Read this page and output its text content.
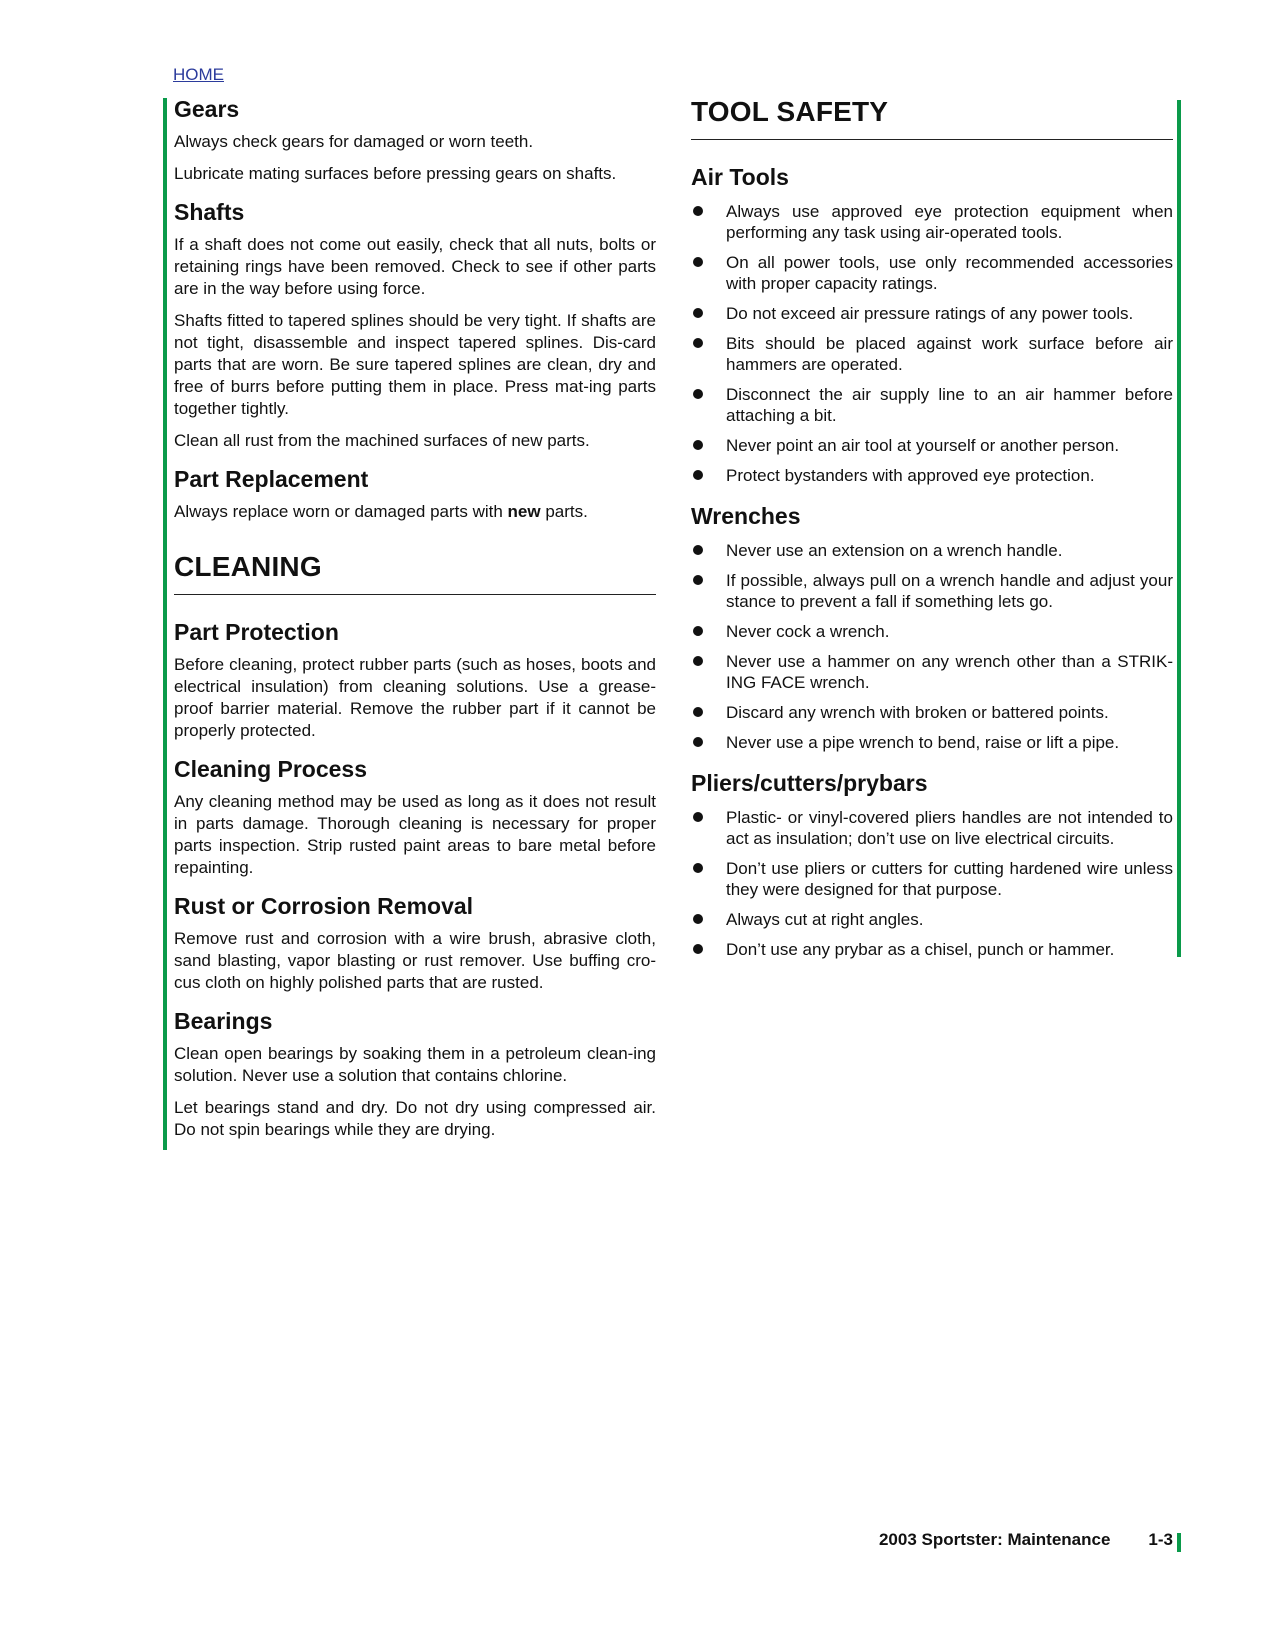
HOME
Gears

Always check gears for damaged or worn teeth.

Lubricate mating surfaces before pressing gears on shafts.

Shafts

If a shaft does not come out easily, check that all nuts, bolts or retaining rings have been removed. Check to see if other parts are in the way before using force.

Shafts fitted to tapered splines should be very tight. If shafts are not tight, disassemble and inspect tapered splines. Dis-card parts that are worn. Be sure tapered splines are clean, dry and free of burrs before putting them in place. Press mat-ing parts together tightly.

Clean all rust from the machined surfaces of new parts.

Part Replacement

Always replace worn or damaged parts with new parts.

CLEANING
Part Protection

Before cleaning, protect rubber parts (such as hoses, boots and electrical insulation) from cleaning solutions. Use a grease-proof barrier material. Remove the rubber part if it cannot be properly protected.

Cleaning Process

Any cleaning method may be used as long as it does not result in parts damage. Thorough cleaning is necessary for proper parts inspection. Strip rusted paint areas to bare metal before repainting.

Rust or Corrosion Removal

Remove rust and corrosion with a wire brush, abrasive cloth, sand blasting, vapor blasting or rust remover. Use buffing cro-cus cloth on highly polished parts that are rusted.

Bearings

Clean open bearings by soaking them in a petroleum clean-ing solution. Never use a solution that contains chlorine.

Let bearings stand and dry. Do not dry using compressed air. Do not spin bearings while they are drying.

TOOL SAFETY
Air Tools
Always use approved eye protection equipment when performing any task using air-operated tools.
On all power tools, use only recommended accessories with proper capacity ratings.
Do not exceed air pressure ratings of any power tools.
Bits should be placed against work surface before air hammers are operated.
Disconnect the air supply line to an air hammer before attaching a bit.
Never point an air tool at yourself or another person.
Protect bystanders with approved eye protection.
Wrenches
Never use an extension on a wrench handle.
If possible, always pull on a wrench handle and adjust your stance to prevent a fall if something lets go.
Never cock a wrench.
Never use a hammer on any wrench other than a STRIK-ING FACE wrench.
Discard any wrench with broken or battered points.
Never use a pipe wrench to bend, raise or lift a pipe.
Pliers/cutters/prybars
Plastic- or vinyl-covered pliers handles are not intended to act as insulation; don’t use on live electrical circuits.
Don’t use pliers or cutters for cutting hardened wire unless they were designed for that purpose.
Always cut at right angles.
Don’t use any prybar as a chisel, punch or hammer.
2003 Sportster: Maintenance 1-3
